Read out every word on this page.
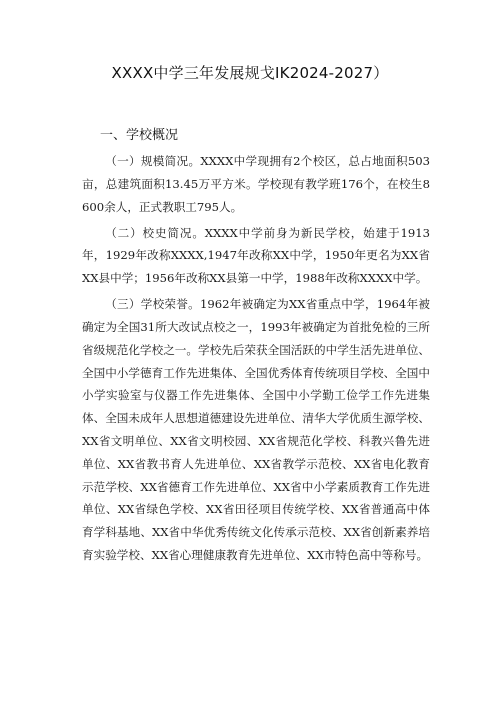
XXXX中学三年发展规戈IK2024-2027）
一、学校概况

（一）规模简况。XXXX中学现拥有2个校区，总占地面积503亩，总建筑面积13.45万平方米。学校现有教学班176个，在校生8600余人，正式教职工795人。

（二）校史简况。XXXX中学前身为新民学校，始建于1913年，1929年改称XXXX,1947年改称XX中学，1950年更名为XX省XX县中学；1956年改称XX县第一中学，1988年改称XXXX中学。

（三）学校荣誉。1962年被确定为XX省重点中学，1964年被确定为全国31所大改试点校之一，1993年被确定为首批免检的三所省级规范化学校之一。学校先后荣获全国活跃的中学生活先进单位、全国中小学德育工作先进集体、全国优秀体育传统项目学校、全国中小学实验室与仪器工作先进集体、全国中小学勤工俭学工作先进集体、全国未成年人思想道德建设先进单位、清华大学优质生源学校、XX省文明单位、XX省文明校园、XX省规范化学校、科教兴鲁先进单位、XX省教书育人先进单位、XX省教学示范校、XX省电化教育示范学校、XX省德育工作先进单位、XX省中小学素质教育工作先进单位、XX省绿色学校、XX省田径项目传统学校、XX省普通高中体育学科基地、XX省中华优秀传统文化传承示范校、XX省创新素养培育实验学校、XX省心理健康教育先进单位、XX市特色高中等称号。
